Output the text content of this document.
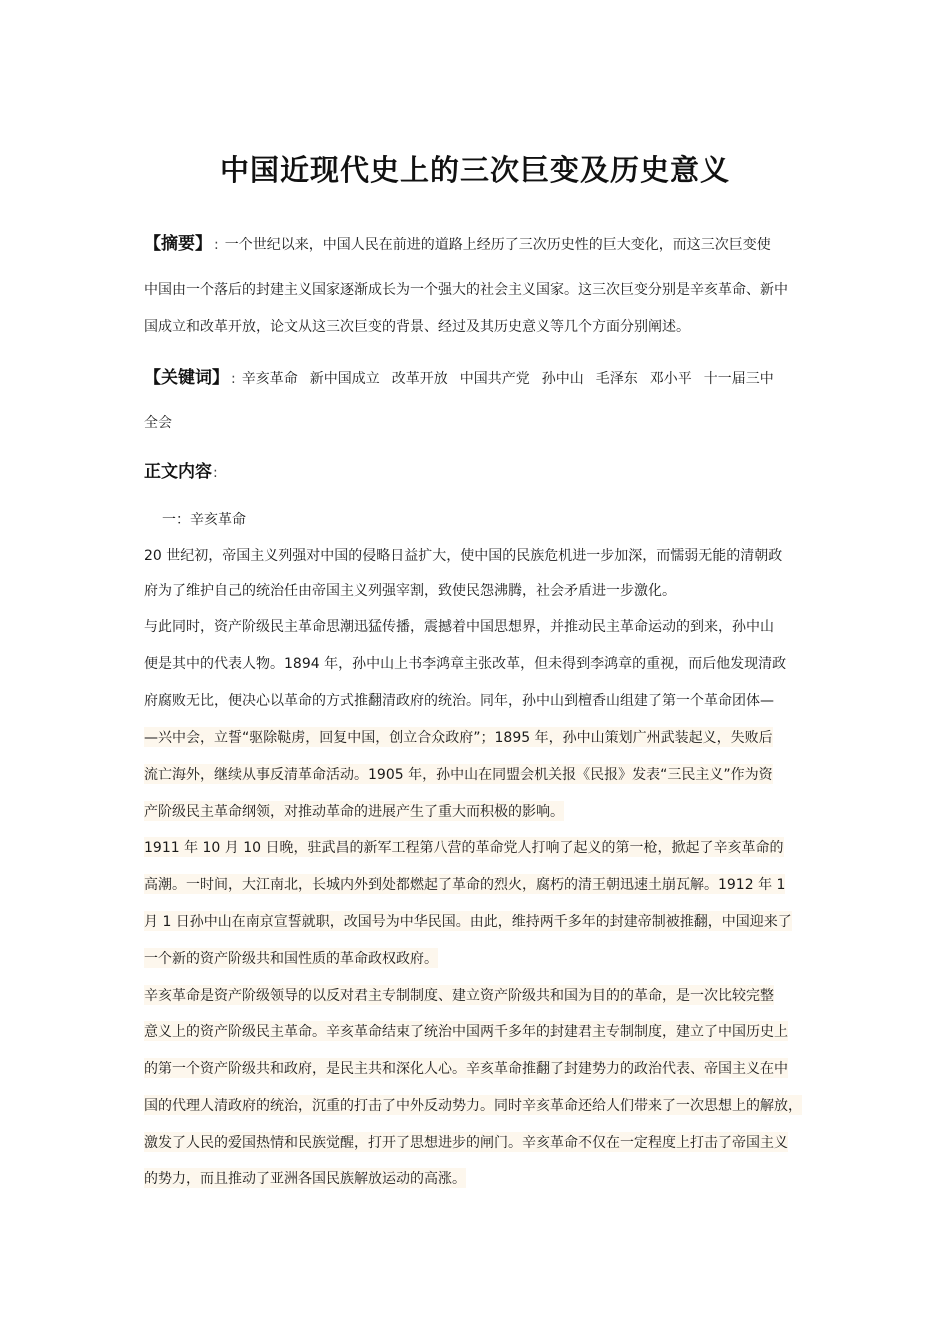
中国近现代史上的三次巨变及历史意义
【摘要】 : 一个世纪以来，中国人民在前进的道路上经历了三次历史性的巨大变化，而这三次巨变使
中国由一个落后的封建主义国家逐渐成长为一个强大的社会主义国家。这三次巨变分别是辛亥革命、新中
国成立和改革开放，论文从这三次巨变的背景、经过及其历史意义等几个方面分别阐述。
【关键词】 : 辛亥革命 新中国成立 改革开放 中国共产党 孙中山 毛泽东 邓小平 十一届三中
全会
正文内容:
一：辛亥革命
20 世纪初，帝国主义列强对中国的侵略日益扩大，使中国的民族危机进一步加深，而懦弱无能的清朝政
府为了维护自己的统治任由帝国主义列强宰割，致使民怨沸腾，社会矛盾进一步激化。
与此同时，资产阶级民主革命思潮迅猛传播，震撼着中国思想界，并推动民主革命运动的到来，孙中山
便是其中的代表人物。1894 年，孙中山上书李鸿章主张改革，但未得到李鸿章的重视，而后他发现清政
府腐败无比，便决心以革命的方式推翻清政府的统治。同年，孙中山到檀香山组建了第一个革命团体—
—兴中会，立誓“驱除鞑虏，回复中国，创立合众政府”；1895 年，孙中山策划广州武装起义，失败后
流亡海外，继续从事反清革命活动。1905 年，孙中山在同盟会机关报《民报》发表“三民主义”作为资
产阶级民主革命纲领，对推动革命的进展产生了重大而积极的影响。
1911 年 10 月 10 日晚，驻武昌的新军工程第八营的革命党人打响了起义的第一枪，掀起了辛亥革命的
高潮。一时间，大江南北，长城内外到处都燃起了革命的烈火，腐朽的清王朝迅速土崩瓦解。1912 年 1
月 1 日孙中山在南京宣誓就职，改国号为中华民国。由此，维持两千多年的封建帝制被推翻，中国迎来了
一个新的资产阶级共和国性质的革命政权政府。
辛亥革命是资产阶级领导的以反对君主专制制度、建立资产阶级共和国为目的的革命，是一次比较完整
意义上的资产阶级民主革命。辛亥革命结束了统治中国两千多年的封建君主专制制度，建立了中国历史上
的第一个资产阶级共和政府，是民主共和深化人心。辛亥革命推翻了封建势力的政治代表、帝国主义在中
国的代理人清政府的统治，沉重的打击了中外反动势力。同时辛亥革命还给人们带来了一次思想上的解放，
激发了人民的爱国热情和民族觉醒，打开了思想进步的闸门。辛亥革命不仅在一定程度上打击了帝国主义
的势力，而且推动了亚洲各国民族解放运动的高涨。
